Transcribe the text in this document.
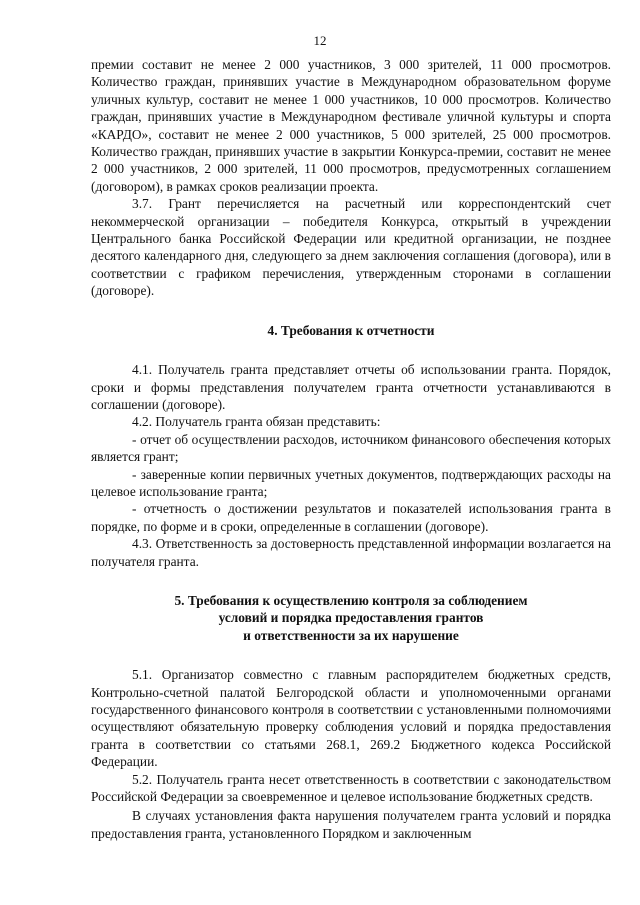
12

премии составит не менее 2 000 участников, 3 000 зрителей, 11 000 просмотров. Количество граждан, принявших участие в Международном образовательном форуме уличных культур, составит не менее 1 000 участников, 10 000 просмотров. Количество граждан, принявших участие в Международном фестивале уличной культуры и спорта «КАРДО», составит не менее 2 000 участников, 5 000 зрителей, 25 000 просмотров. Количество граждан, принявших участие в закрытии Конкурса-премии, составит не менее 2 000 участников, 2 000 зрителей, 11 000 просмотров, предусмотренных соглашением (договором), в рамках сроков реализации проекта.

3.7. Грант перечисляется на расчетный или корреспондентский счет некоммерческой организации – победителя Конкурса, открытый в учреждении Центрального банка Российской Федерации или кредитной организации, не позднее десятого календарного дня, следующего за днем заключения соглашения (договора), или в соответствии с графиком перечисления, утвержденным сторонами в соглашении (договоре).

4. Требования к отчетности

4.1. Получатель гранта представляет отчеты об использовании гранта. Порядок, сроки и формы представления получателем гранта отчетности устанавливаются в соглашении (договоре).

4.2. Получатель гранта обязан представить:

- отчет об осуществлении расходов, источником финансового обеспечения которых является грант;

- заверенные копии первичных учетных документов, подтверждающих расходы на целевое использование гранта;

- отчетность о достижении результатов и показателей использования гранта в порядке, по форме и в сроки, определенные в соглашении (договоре).

4.3. Ответственность за достоверность представленной информации возлагается на получателя гранта.

5. Требования к осуществлению контроля за соблюдением
условий и порядка предоставления грантов
и ответственности за их нарушение

5.1. Организатор совместно с главным распорядителем бюджетных средств, Контрольно-счетной палатой Белгородской области и уполномоченными органами государственного финансового контроля в соответствии с установленными полномочиями осуществляют обязательную проверку соблюдения условий и порядка предоставления гранта в соответствии со статьями 268.1, 269.2 Бюджетного кодекса Российской Федерации.

5.2. Получатель гранта несет ответственность в соответствии с законодательством Российской Федерации за своевременное и целевое использование бюджетных средств.

В случаях установления факта нарушения получателем гранта условий и порядка предоставления гранта, установленного Порядком и заключенным
